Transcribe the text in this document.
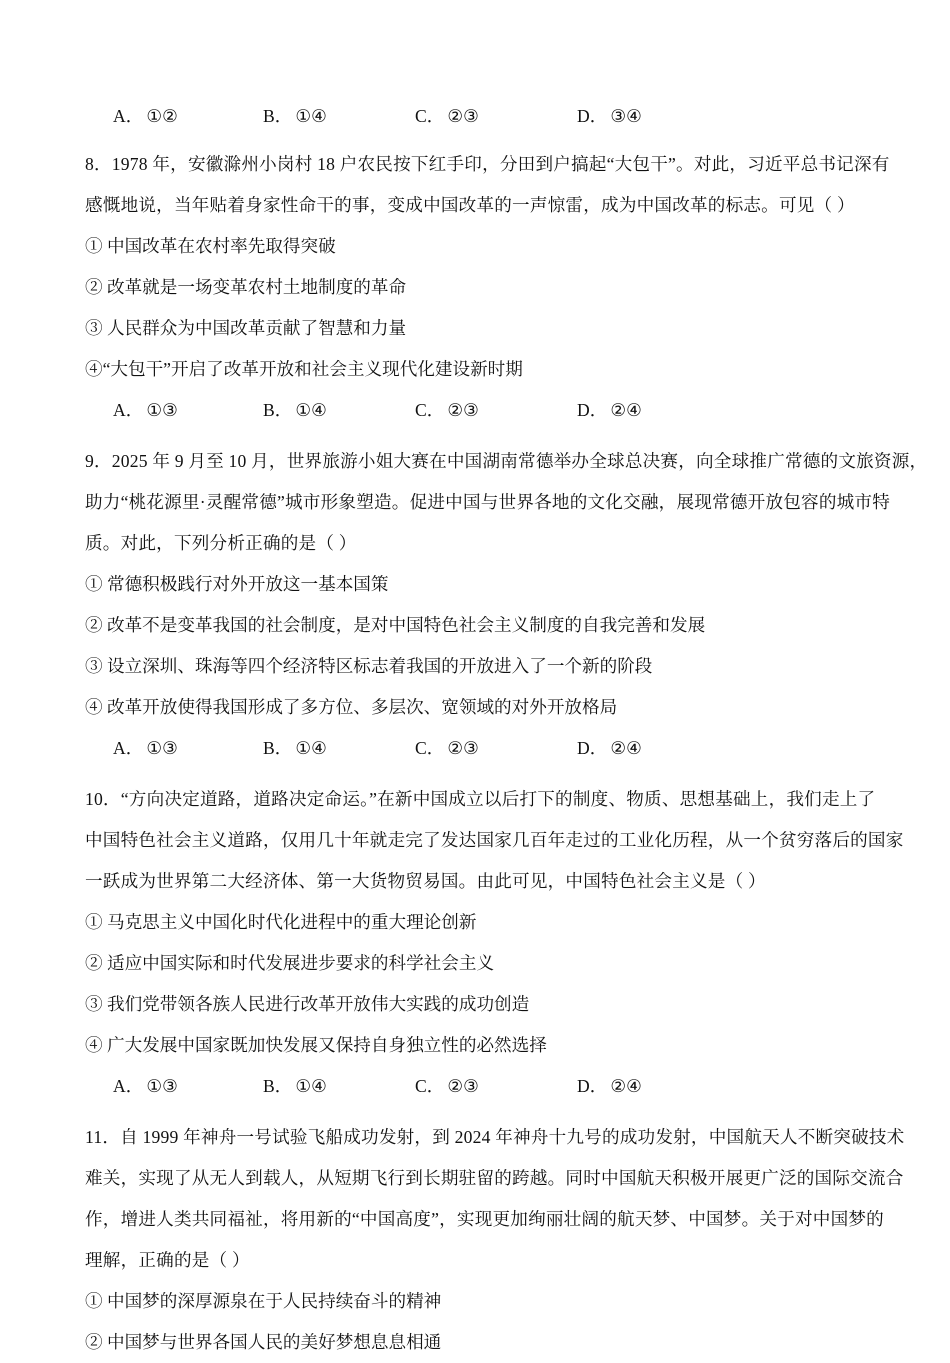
A． ①②	B． ①④	C． ②③	D． ③④
8．1978 年，安徽滁州小岗村 18 户农民按下红手印，分田到户搞起“大包干”。对此，习近平总书记深有
感慨地说，当年贴着身家性命干的事，变成中国改革的一声惊雷，成为中国改革的标志。可见（ ）
① 中国改革在农村率先取得突破
② 改革就是一场变革农村土地制度的革命
③ 人民群众为中国改革贡献了智慧和力量
④“大包干”开启了改革开放和社会主义现代化建设新时期
A． ①③	B． ①④	C． ②③	D． ②④
9．2025 年 9 月至 10 月，世界旅游小姐大赛在中国湖南常德举办全球总决赛，向全球推广常德的文旅资源，
助力“桃花源里·灵醒常德”城市形象塑造。促进中国与世界各地的文化交融，展现常德开放包容的城市特
质。对此，下列分析正确的是（ ）
① 常德积极践行对外开放这一基本国策
② 改革不是变革我国的社会制度，是对中国特色社会主义制度的自我完善和发展
③ 设立深圳、珠海等四个经济特区标志着我国的开放进入了一个新的阶段
④ 改革开放使得我国形成了多方位、多层次、宽领域的对外开放格局
A． ①③	B． ①④	C． ②③	D． ②④
10．“方向决定道路，道路决定命运。”在新中国成立以后打下的制度、物质、思想基础上，我们走上了
中国特色社会主义道路，仅用几十年就走完了发达国家几百年走过的工业化历程，从一个贫穷落后的国家
一跃成为世界第二大经济体、第一大货物贸易国。由此可见，中国特色社会主义是（ ）
① 马克思主义中国化时代化进程中的重大理论创新
② 适应中国实际和时代发展进步要求的科学社会主义
③ 我们党带领各族人民进行改革开放伟大实践的成功创造
④ 广大发展中国家既加快发展又保持自身独立性的必然选择
A． ①③	B． ①④	C． ②③	D． ②④
11．自 1999 年神舟一号试验飞船成功发射，到 2024 年神舟十九号的成功发射，中国航天人不断突破技术
难关，实现了从无人到载人，从短期飞行到长期驻留的跨越。同时中国航天积极开展更广泛的国际交流合
作，增进人类共同福祉，将用新的“中国高度”，实现更加绚丽壮阔的航天梦、中国梦。关于对中国梦的
理解，正确的是（ ）
① 中国梦的深厚源泉在于人民持续奋斗的精神
② 中国梦与世界各国人民的美好梦想息息相通
